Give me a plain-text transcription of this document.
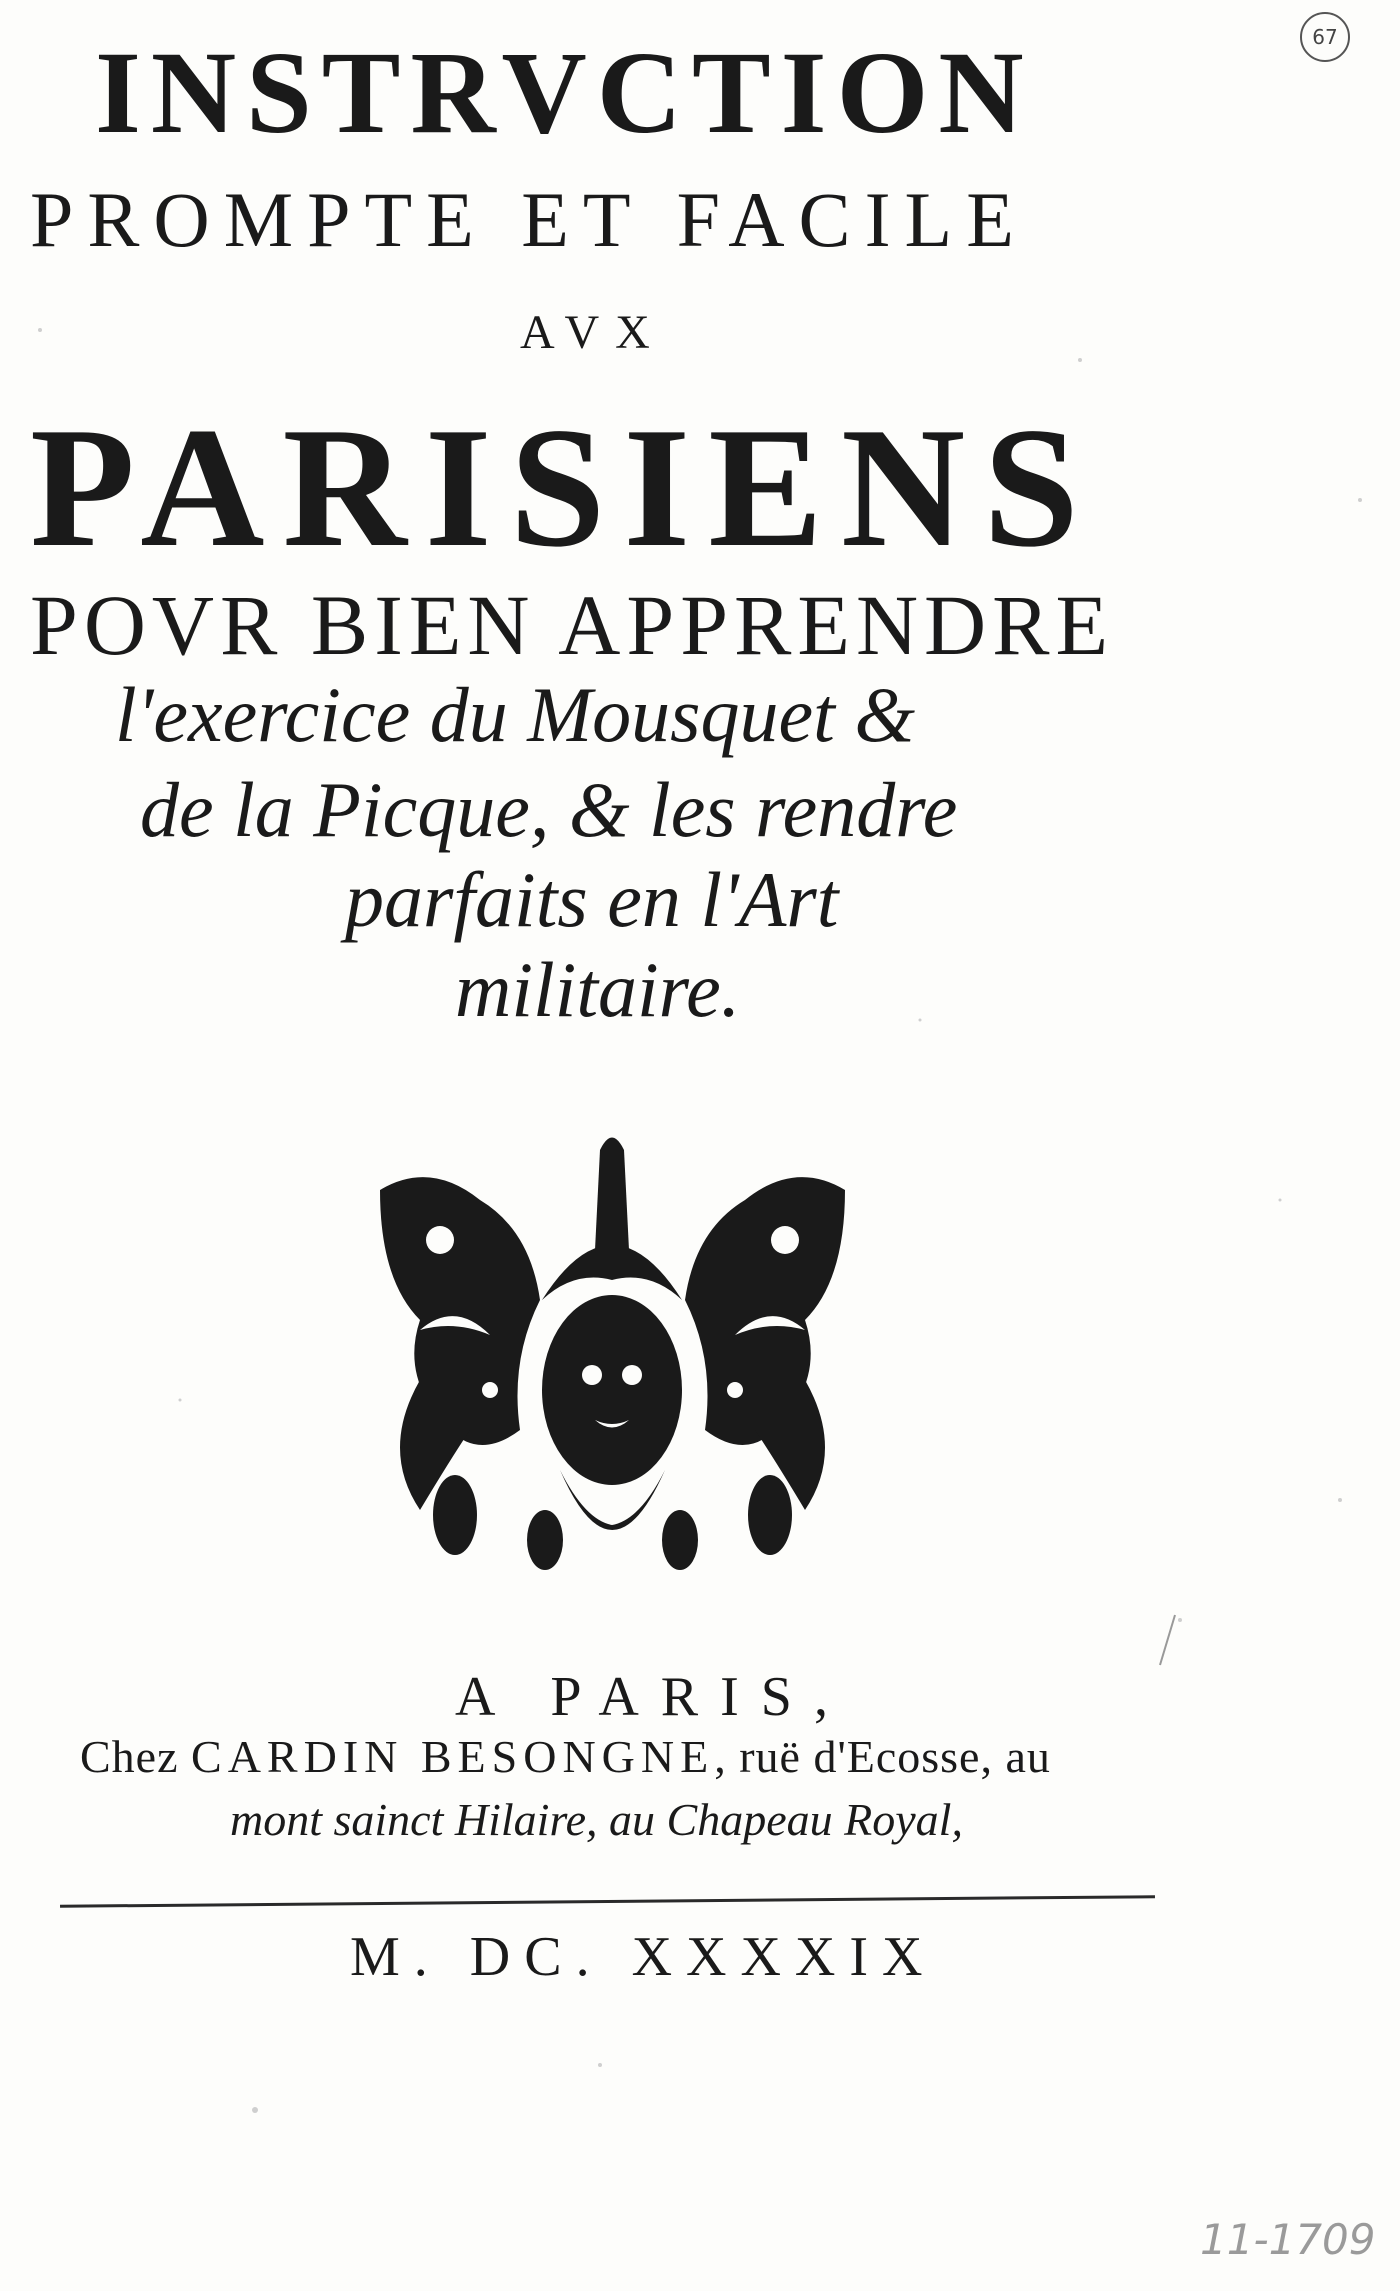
INSTRVCTION
PROMPTE ET FACILE
AVX
PARISIENS
POVR BIEN APPRENDRE
l'exercice du Mousquet &
de la Picque, & les rendre
parfaits en l'Art
militaire.
A PARIS,
Chez CARDIN BESONGNE, ruë d'Ecosse, au
mont sainct Hilaire, au Chapeau Royal,
M. DC. XXXXIX
67
11-1709
